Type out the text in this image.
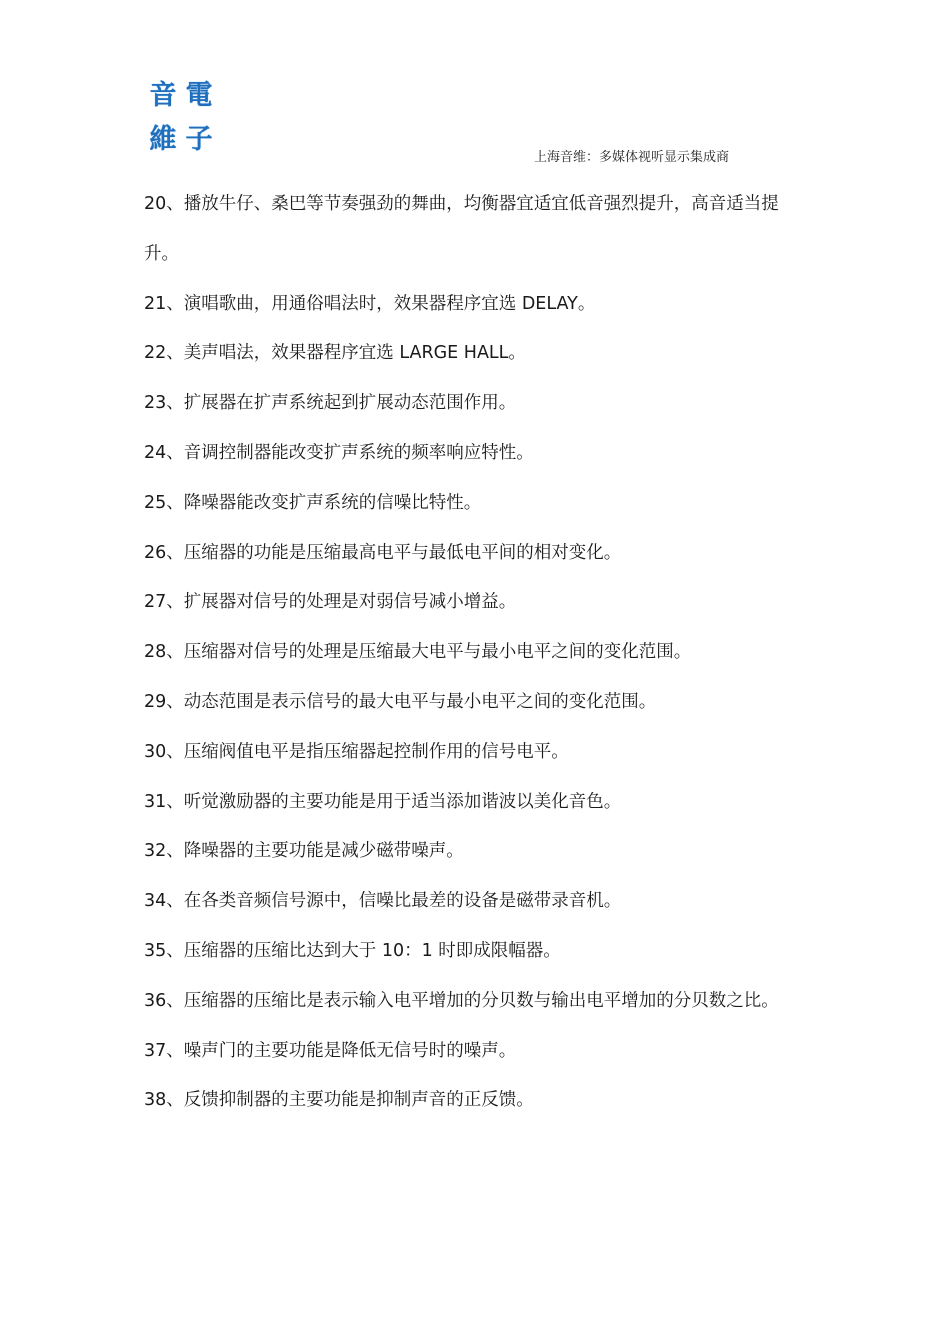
音 電
維 子
上海音维：多媒体视听显示集成商

20、播放牛仔、桑巴等节奏强劲的舞曲，均衡器宜适宜低音强烈提升，高音适当提升。

21、演唱歌曲，用通俗唱法时，效果器程序宜选 DELAY。

22、美声唱法，效果器程序宜选 LARGE HALL。

23、扩展器在扩声系统起到扩展动态范围作用。

24、音调控制器能改变扩声系统的频率响应特性。

25、降噪器能改变扩声系统的信噪比特性。

26、压缩器的功能是压缩最高电平与最低电平间的相对变化。

27、扩展器对信号的处理是对弱信号减小增益。

28、压缩器对信号的处理是压缩最大电平与最小电平之间的变化范围。

29、动态范围是表示信号的最大电平与最小电平之间的变化范围。

30、压缩阀值电平是指压缩器起控制作用的信号电平。

31、听觉激励器的主要功能是用于适当添加谐波以美化音色。

32、降噪器的主要功能是减少磁带噪声。

34、在各类音频信号源中，信噪比最差的设备是磁带录音机。

35、压缩器的压缩比达到大于 10：1 时即成限幅器。

36、压缩器的压缩比是表示输入电平增加的分贝数与输出电平增加的分贝数之比。

37、噪声门的主要功能是降低无信号时的噪声。

38、反馈抑制器的主要功能是抑制声音的正反馈。
